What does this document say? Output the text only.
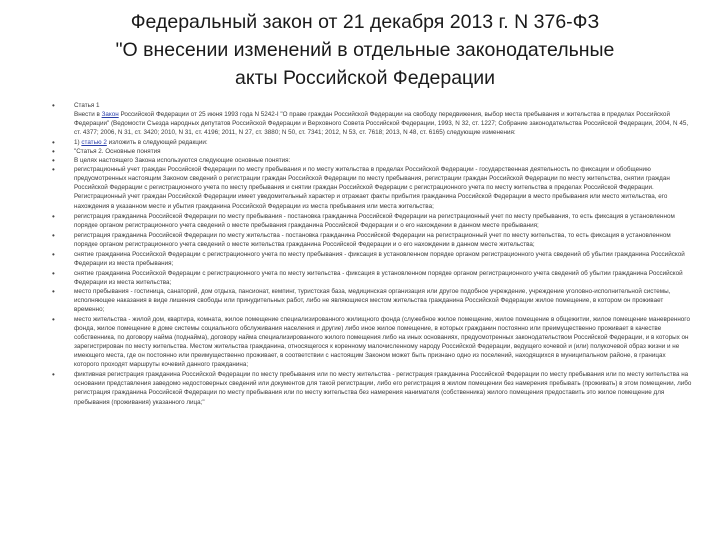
Федеральный закон от 21 декабря 2013 г. N 376-ФЗ
"О внесении изменений в отдельные законодательные
акты Российской Федерации
•	Статья 1

Внести в Закон Российской Федерации от 25 июня 1993 года N 5242-I "О праве граждан Российской Федерации на свободу передвижения, выбор места пребывания и жительства в пределах Российской Федерации" (Ведомости Съезда народных депутатов Российской Федерации и Верховного Совета Российской Федерации, 1993, N 32, ст. 1227; Собрание законодательства Российской Федерации, 2004, N 45, ст. 4377; 2006, N 31, ст. 3420; 2010, N 31, ст. 4196; 2011, N 27, ст. 3880; N 50, ст. 7341; 2012, N 53, ст. 7618; 2013, N 48, ст. 6165) следующие изменения:

•	1) статью 2 изложить в следующей редакции:

•	"Статья 2. Основные понятия

•	В целях настоящего Закона используются следующие основные понятия:

•	регистрационный учет граждан Российской Федерации по месту пребывания и по месту жительства в пределах Российской Федерации - государственная деятельность по фиксации и обобщению предусмотренных настоящим Законом сведений о регистрации граждан Российской Федерации по месту пребывания, регистрации граждан Российской Федерации по месту жительства, снятии граждан Российской Федерации с регистрационного учета по месту пребывания и снятии граждан Российской Федерации с регистрационного учета по месту жительства в пределах Российской Федерации. Регистрационный учет граждан Российской Федерации имеет уведомительный характер и отражает факты прибытия гражданина Российской Федерации в место пребывания или место жительства, его нахождения в указанном месте и убытия гражданина Российской Федерации из места пребывания или места жительства;

•	регистрация гражданина Российской Федерации по месту пребывания - постановка гражданина Российской Федерации на регистрационный учет по месту пребывания, то есть фиксация в установленном порядке органом регистрационного учета сведений о месте пребывания гражданина Российской Федерации и о его нахождении в данном месте пребывания;

•	регистрация гражданина Российской Федерации по месту жительства - постановка гражданина Российской Федерации на регистрационный учет по месту жительства, то есть фиксация в установленном порядке органом регистрационного учета сведений о месте жительства гражданина Российской Федерации и о его нахождении в данном месте жительства;

•	снятие гражданина Российской Федерации с регистрационного учета по месту пребывания - фиксация в установленном порядке органом регистрационного учета сведений об убытии гражданина Российской Федерации из места пребывания;

•	снятие гражданина Российской Федерации с регистрационного учета по месту жительства - фиксация в установленном порядке органом регистрационного учета сведений об убытии гражданина Российской Федерации из места жительства;

•	место пребывания - гостиница, санаторий, дом отдыха, пансионат, кемпинг, туристская база, медицинская организация или другое подобное учреждение, учреждение уголовно-исполнительной системы, исполняющее наказания в виде лишения свободы или принудительных работ, либо не являющиеся местом жительства гражданина Российской Федерации жилое помещение, в котором он проживает временно;

•	место жительства - жилой дом, квартира, комната, жилое помещение специализированного жилищного фонда (служебное жилое помещение, жилое помещение в общежитии, жилое помещение маневренного фонда, жилое помещение в доме системы социального обслуживания населения и другие) либо иное жилое помещение, в которых гражданин постоянно или преимущественно проживает в качестве собственника, по договору найма (поднайма), договору найма специализированного жилого помещения либо на иных основаниях, предусмотренных законодательством Российской Федерации, и в которых он зарегистрирован по месту жительства. Местом жительства гражданина, относящегося к коренному малочисленному народу Российской Федерации, ведущего кочевой и (или) полукочевой образ жизни и не имеющего места, где он постоянно или преимущественно проживает, в соответствии с настоящим Законом может быть признано одно из поселений, находящихся в муниципальном районе, в границах которого проходят маршруты кочевий данного гражданина;

•	фиктивная регистрация гражданина Российской Федерации по месту пребывания или по месту жительства - регистрация гражданина Российской Федерации по месту пребывания или по месту жительства на основании представления заведомо недостоверных сведений или документов для такой регистрации, либо его регистрация в жилом помещении без намерения пребывать (проживать) в этом помещении, либо регистрация гражданина Российской Федерации по месту пребывания или по месту жительства без намерения нанимателя (собственника) жилого помещения предоставить это жилое помещение для пребывания (проживания) указанного лица;"
